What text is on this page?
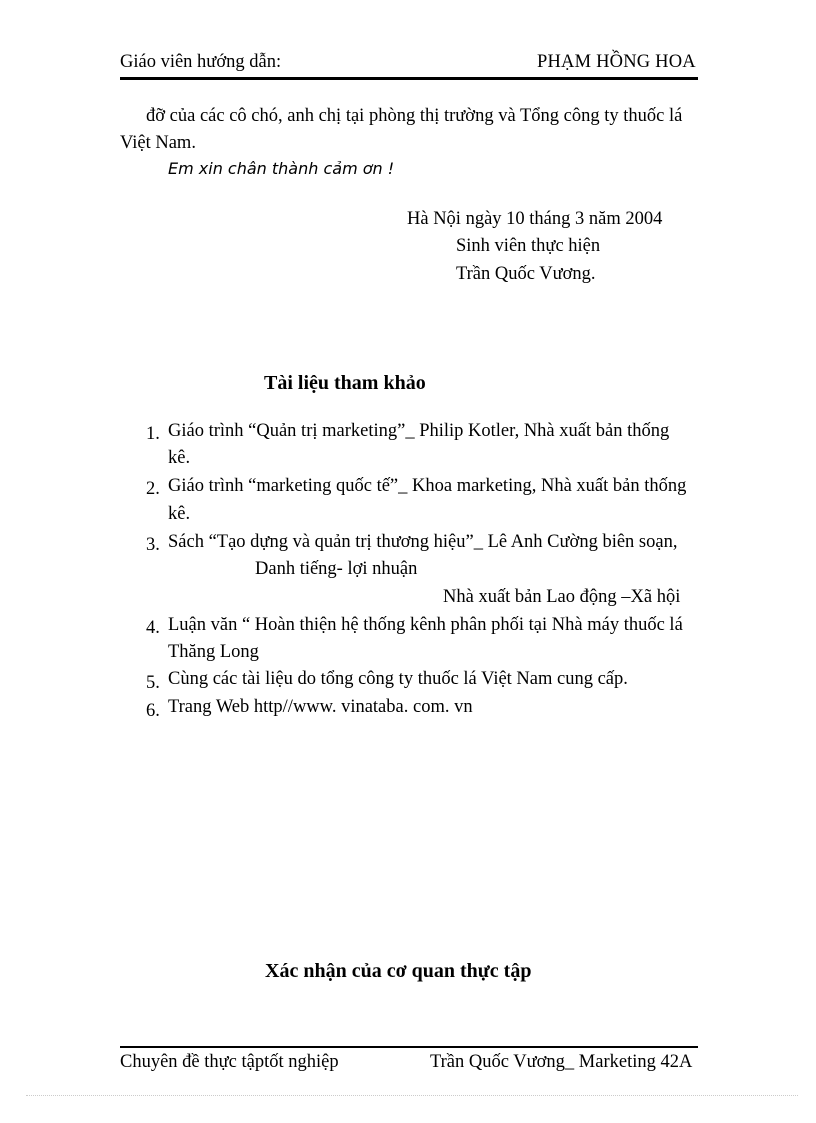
Giáo viên hướng dẫn:	PHẠM HỒNG HOA
đỡ của các cô chó, anh chị tại phòng thị trường và Tổng công ty thuốc lá
Việt Nam.
Em xin chân thành cảm ơn !
Hà Nội ngày 10 tháng 3 năm 2004
Sinh viên thực hiện
Trần Quốc Vương.
Tài liệu tham khảo
1. Giáo trình “Quản trị marketing”_ Philip Kotler, Nhà xuất bản thống
kê.
2. Giáo trình “marketing quốc tế”_ Khoa marketing, Nhà xuất bản thống
kê.
3. Sách “Tạo dựng và quản trị thương hiệu”_ Lê Anh Cường biên soạn,
Danh tiếng- lợi nhuận
Nhà xuất bản Lao động –Xã hội
4. Luận văn “ Hoàn thiện hệ thống kênh phân phối tại Nhà máy thuốc lá
Thăng Long
5. Cùng các tài liệu do tổng công ty thuốc lá Việt Nam cung cấp.
6. Trang Web http//www. vinataba. com. vn
Xác nhận của cơ quan thực tập
Chuyên đề thực tậptốt nghiệp	Trần Quốc Vương_ Marketing 42A
